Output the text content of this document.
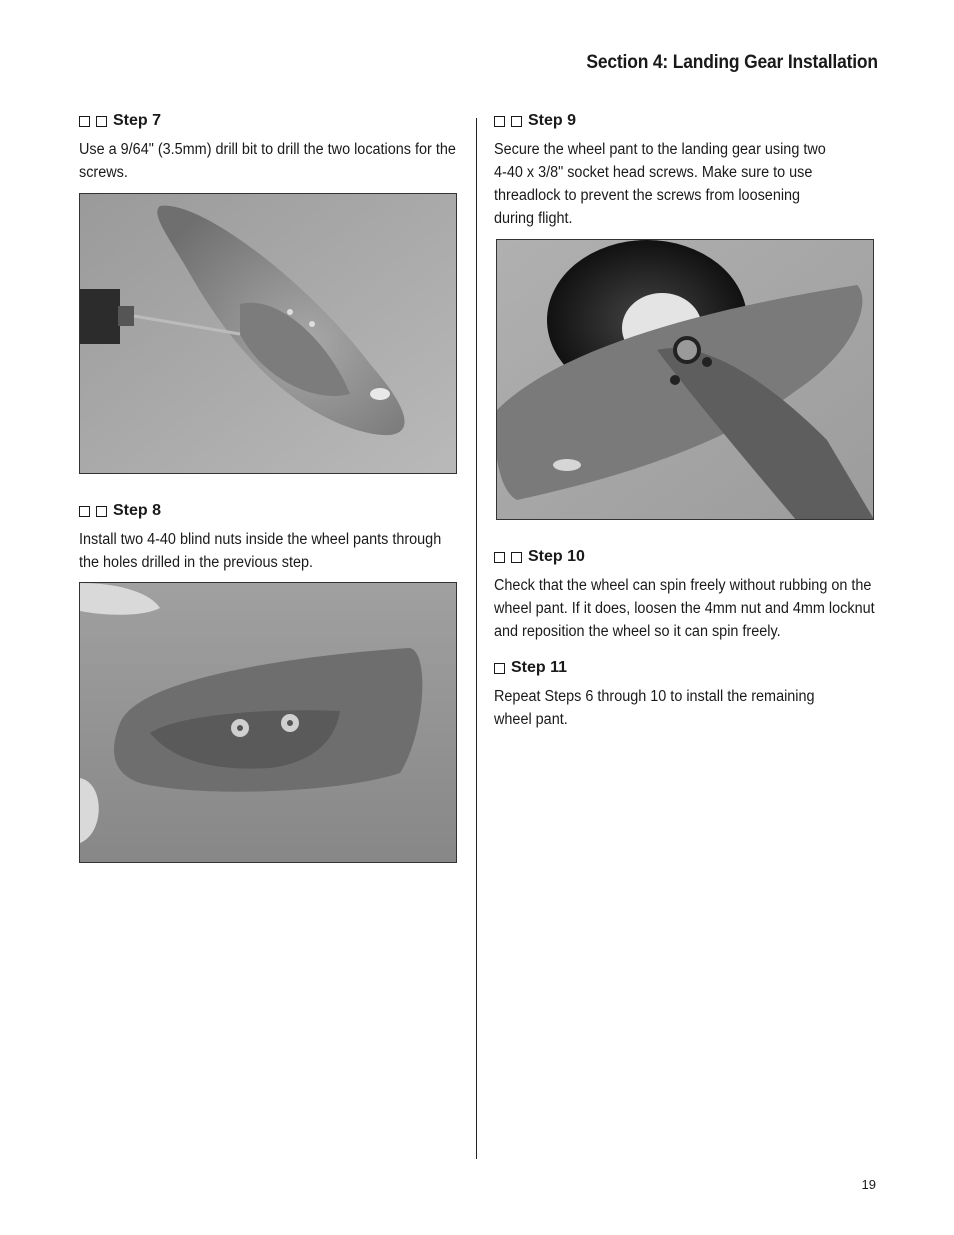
Section 4: Landing Gear Installation
Step 7

Use a 9/64" (3.5mm) drill bit to drill the two locations for the screws.

Step 8

Install two 4-40 blind nuts inside the wheel pants through the holes drilled in the previous step.

Step 9

Secure the wheel pant to the landing gear using two 4-40 x 3/8" socket head screws. Make sure to use threadlock to prevent the screws from loosening during flight.

Step 10

Check that the wheel can spin freely without rubbing on the wheel pant. If it does, loosen the 4mm nut and 4mm locknut and reposition the wheel so it can spin freely.

Step 11

Repeat Steps 6 through 10 to install the remaining wheel pant.

19
